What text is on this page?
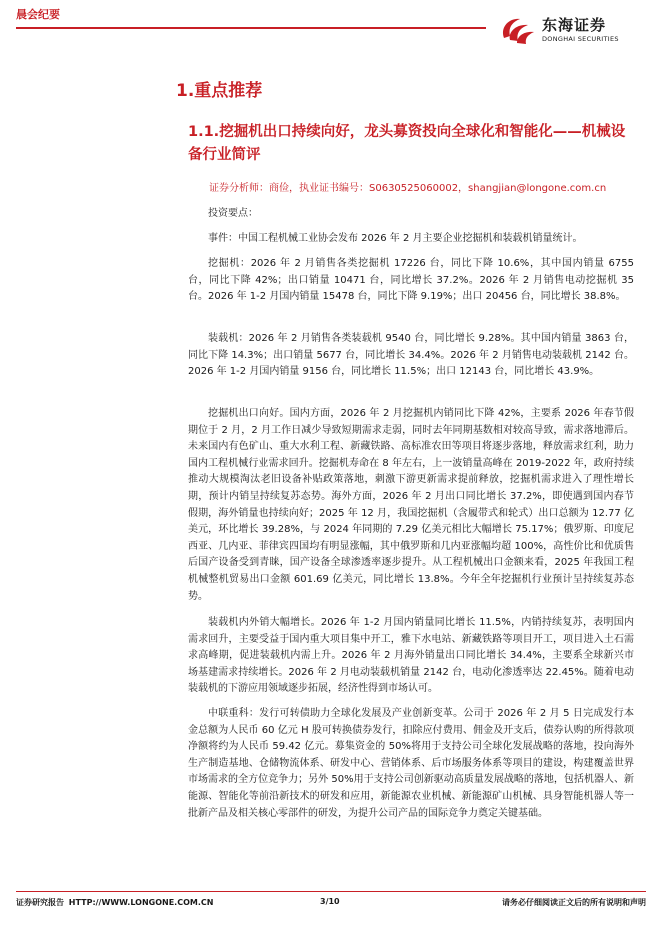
晨会纪要
东海证券
DONGHAI SECURITIES
1.重点推荐
1.1.挖掘机出口持续向好，龙头募资投向全球化和智能化——机械设备行业简评
证券分析师：商俭，执业证书编号：S0630525060002，shangjian@longone.com.cn

投资要点：

事件：中国工程机械工业协会发布 2026 年 2 月主要企业挖掘机和装载机销量统计。

挖掘机：2026 年 2 月销售各类挖掘机 17226 台，同比下降 10.6%，其中国内销量 6755 台，同比下降 42%；出口销量 10471 台，同比增长 37.2%。2026 年 2 月销售电动挖掘机 35 台。2026 年 1-2 月国内销量 15478 台，同比下降 9.19%；出口 20456 台，同比增长 38.8%。

装载机：2026 年 2 月销售各类装载机 9540 台，同比增长 9.28%。其中国内销量 3863 台，同比下降 14.3%；出口销量 5677 台，同比增长 34.4%。2026 年 2 月销售电动装载机 2142 台。2026 年 1-2 月国内销量 9156 台，同比增长 11.5%；出口 12143 台，同比增长 43.9%。

挖掘机出口向好。国内方面，2026 年 2 月挖掘机内销同比下降 42%，主要系 2026 年春节假期位于 2 月，2 月工作日减少导致短期需求走弱，同时去年同期基数相对较高导致，需求落地滞后。未来国内有色矿山、重大水利工程、新藏铁路、高标准农田等项目将逐步落地，释放需求红利，助力国内工程机械行业需求回升。挖掘机寿命在 8 年左右，上一波销量高峰在 2019-2022 年，政府持续推动大规模淘汰老旧设备补贴政策落地，刺激下游更新需求提前释放，挖掘机需求进入了理性增长期，预计内销呈持续复苏态势。海外方面，2026 年 2 月出口同比增长 37.2%，即使遇到国内春节假期，海外销量也持续向好；2025 年 12 月，我国挖掘机（含履带式和轮式）出口总额为 12.77 亿美元，环比增长 39.28%，与 2024 年同期的 7.29 亿美元相比大幅增长 75.17%；俄罗斯、印度尼西亚、几内亚、菲律宾四国均有明显涨幅，其中俄罗斯和几内亚涨幅均超 100%，高性价比和优质售后国产设备受到青睐，国产设备全球渗透率逐步提升。从工程机械出口金额来看，2025 年我国工程机械整机贸易出口金额 601.69 亿美元，同比增长 13.8%。今年全年挖掘机行业预计呈持续复苏态势。

装载机内外销大幅增长。2026 年 1-2 月国内销量同比增长 11.5%，内销持续复苏，表明国内需求回升，主要受益于国内重大项目集中开工，雅下水电站、新藏铁路等项目开工，项目进入土石需求高峰期，促进装载机内需上升。2026 年 2 月海外销量出口同比增长 34.4%，主要系全球新兴市场基建需求持续增长。2026 年 2 月电动装载机销量 2142 台，电动化渗透率达 22.45%。随着电动装载机的下游应用领域逐步拓展，经济性得到市场认可。

中联重科：发行可转债助力全球化发展及产业创新变革。公司于 2026 年 2 月 5 日完成发行本金总额为人民币 60 亿元 H 股可转换债券发行，扣除应付费用、佣金及开支后，债券认购的所得款项净额将约为人民币 59.42 亿元。募集资金的 50%将用于支持公司全球化发展战略的落地，投向海外生产制造基地、仓储物流体系、研发中心、营销体系、后市场服务体系等项目的建设，构建覆盖世界市场需求的全方位竞争力；另外 50%用于支持公司创新驱动高质量发展战略的落地，包括机器人、新能源、智能化等前沿新技术的研发和应用，新能源农业机械、新能源矿山机械、具身智能机器人等一批新产品及相关核心零部件的研发，为提升公司产品的国际竞争力奠定关键基础。

证券研究报告 HTTP://WWW.LONGONE.COM.CN	3/10	请务必仔细阅读正文后的所有说明和声明
